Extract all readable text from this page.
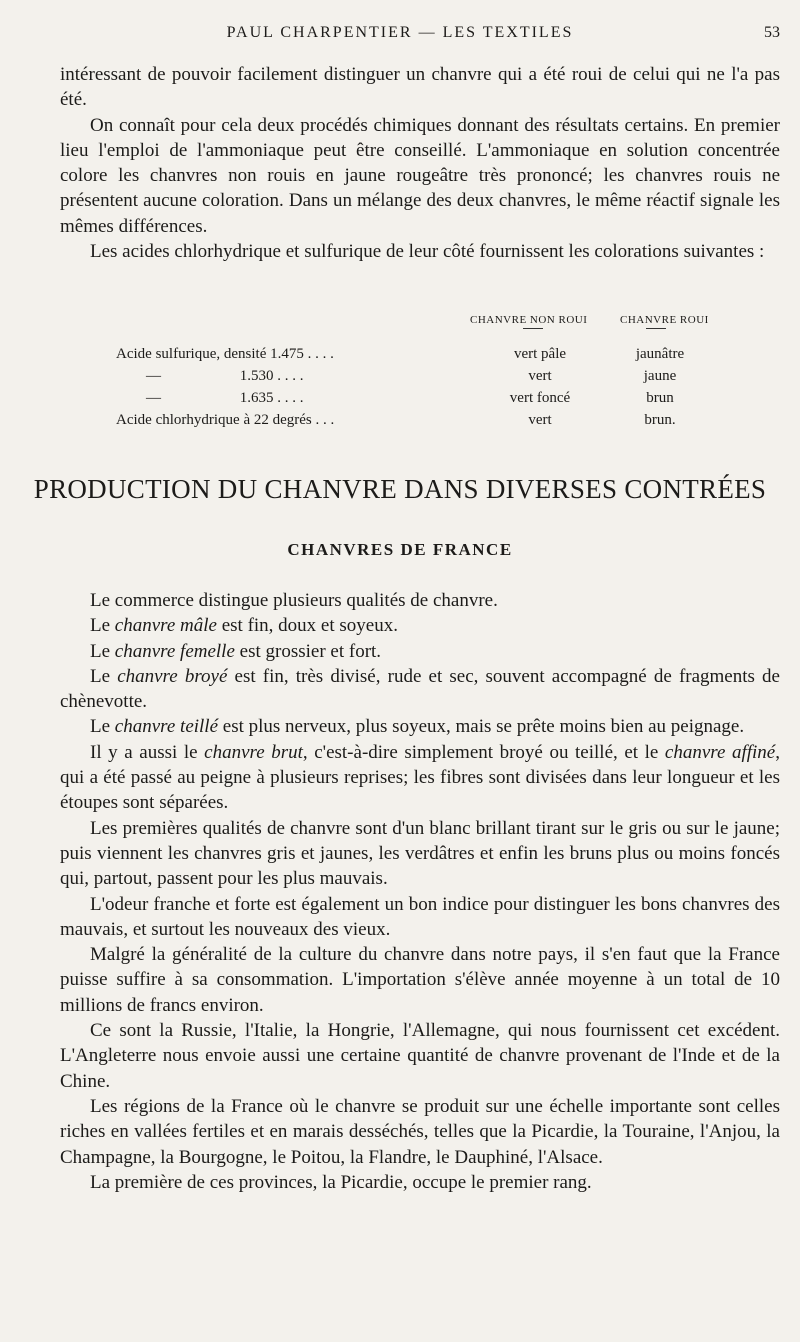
PAUL CHARPENTIER — LES TEXTILES	53

intéressant de pouvoir facilement distinguer un chanvre qui a été roui de celui qui ne l'a pas été.

On connaît pour cela deux procédés chimiques donnant des résultats certains. En premier lieu l'emploi de l'ammoniaque peut être conseillé. L'ammoniaque en solution concentrée colore les chanvres non rouis en jaune rougeâtre très prononcé; les chanvres rouis ne présentent aucune coloration. Dans un mélange des deux chanvres, le même réactif signale les mêmes différences.

Les acides chlorhydrique et sulfurique de leur côté fournissent les colorations suivantes :

CHANVRE NON ROUI	CHANVRE ROUI
Acide sulfurique, densité 1.475 . . . .	vert pâle	jaunâtre
—                     1.530 . . . .	vert	jaune
—                     1.635 . . . .	vert foncé	brun
Acide chlorhydrique à 22 degrés . . .	vert	brun.
PRODUCTION DU CHANVRE DANS DIVERSES CONTRÉES
CHANVRES DE FRANCE

Le commerce distingue plusieurs qualités de chanvre.

Le chanvre mâle est fin, doux et soyeux.

Le chanvre femelle est grossier et fort.

Le chanvre broyé est fin, très divisé, rude et sec, souvent accompagné de fragments de chènevotte.

Le chanvre teillé est plus nerveux, plus soyeux, mais se prête moins bien au peignage.

Il y a aussi le chanvre brut, c'est-à-dire simplement broyé ou teillé, et le chanvre affiné, qui a été passé au peigne à plusieurs reprises; les fibres sont divisées dans leur longueur et les étoupes sont séparées.

Les premières qualités de chanvre sont d'un blanc brillant tirant sur le gris ou sur le jaune; puis viennent les chanvres gris et jaunes, les verdâtres et enfin les bruns plus ou moins foncés qui, partout, passent pour les plus mauvais.

L'odeur franche et forte est également un bon indice pour distinguer les bons chanvres des mauvais, et surtout les nouveaux des vieux.

Malgré la généralité de la culture du chanvre dans notre pays, il s'en faut que la France puisse suffire à sa consommation. L'importation s'élève année moyenne à un total de 10 millions de francs environ.

Ce sont la Russie, l'Italie, la Hongrie, l'Allemagne, qui nous fournissent cet excédent. L'Angleterre nous envoie aussi une certaine quantité de chanvre provenant de l'Inde et de la Chine.

Les régions de la France où le chanvre se produit sur une échelle importante sont celles riches en vallées fertiles et en marais desséchés, telles que la Picardie, la Touraine, l'Anjou, la Champagne, la Bourgogne, le Poitou, la Flandre, le Dauphiné, l'Alsace.

La première de ces provinces, la Picardie, occupe le premier rang.
